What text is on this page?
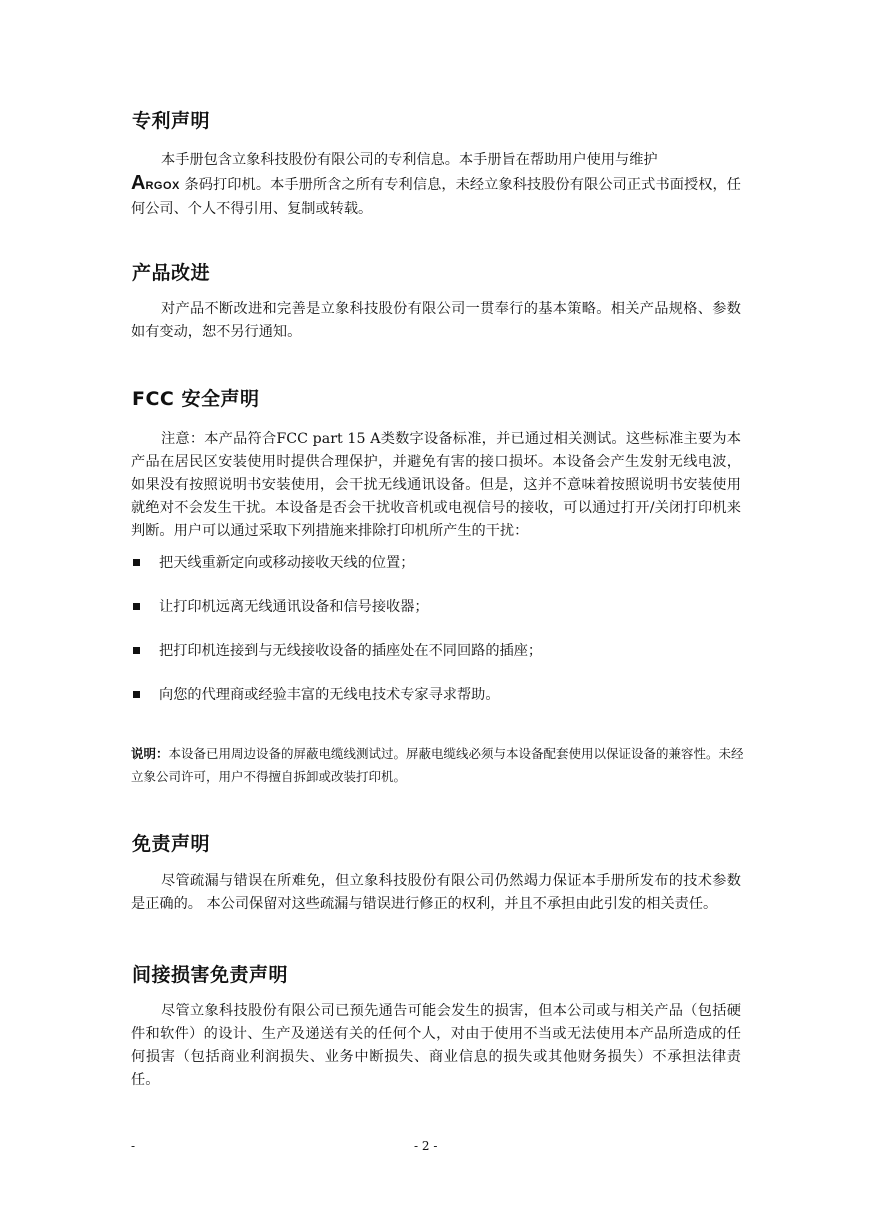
专利声明

本手册包含立象科技股份有限公司的专利信息。本手册旨在帮助用户使用与维护
ARGOX 条码打印机。本手册所含之所有专利信息，未经立象科技股份有限公司正式书面授权，任何公司、个人不得引用、复制或转载。

产品改进

对产品不断改进和完善是立象科技股份有限公司一贯奉行的基本策略。相关产品规格、参数如有变动，恕不另行通知。

FCC 安全声明

注意：本产品符合FCC part 15 A类数字设备标准，并已通过相关测试。这些标准主要为本产品在居民区安装使用时提供合理保护，并避免有害的接口损坏。本设备会产生发射无线电波，如果没有按照说明书安装使用，会干扰无线通讯设备。但是，这并不意味着按照说明书安装使用就绝对不会发生干扰。本设备是否会干扰收音机或电视信号的接收，可以通过打开/关闭打印机来判断。用户可以通过采取下列措施来排除打印机所产生的干扰：

把天线重新定向或移动接收天线的位置；
让打印机远离无线通讯设备和信号接收器；
把打印机连接到与无线接收设备的插座处在不同回路的插座；
向您的代理商或经验丰富的无线电技术专家寻求帮助。

说明：本设备已用周边设备的屏蔽电缆线测试过。屏蔽电缆线必须与本设备配套使用以保证设备的兼容性。未经立象公司许可，用户不得擅自拆卸或改装打印机。

免责声明

尽管疏漏与错误在所难免，但立象科技股份有限公司仍然竭力保证本手册所发布的技术参数是正确的。 本公司保留对这些疏漏与错误进行修正的权利，并且不承担由此引发的相关责任。

间接损害免责声明

尽管立象科技股份有限公司已预先通告可能会发生的损害，但本公司或与相关产品（包括硬件和软件）的设计、生产及递送有关的任何个人，对由于使用不当或无法使用本产品所造成的任何损害（包括商业利润损失、业务中断损失、商业信息的损失或其他财务损失）不承担法律责任。

-	- 2 -
